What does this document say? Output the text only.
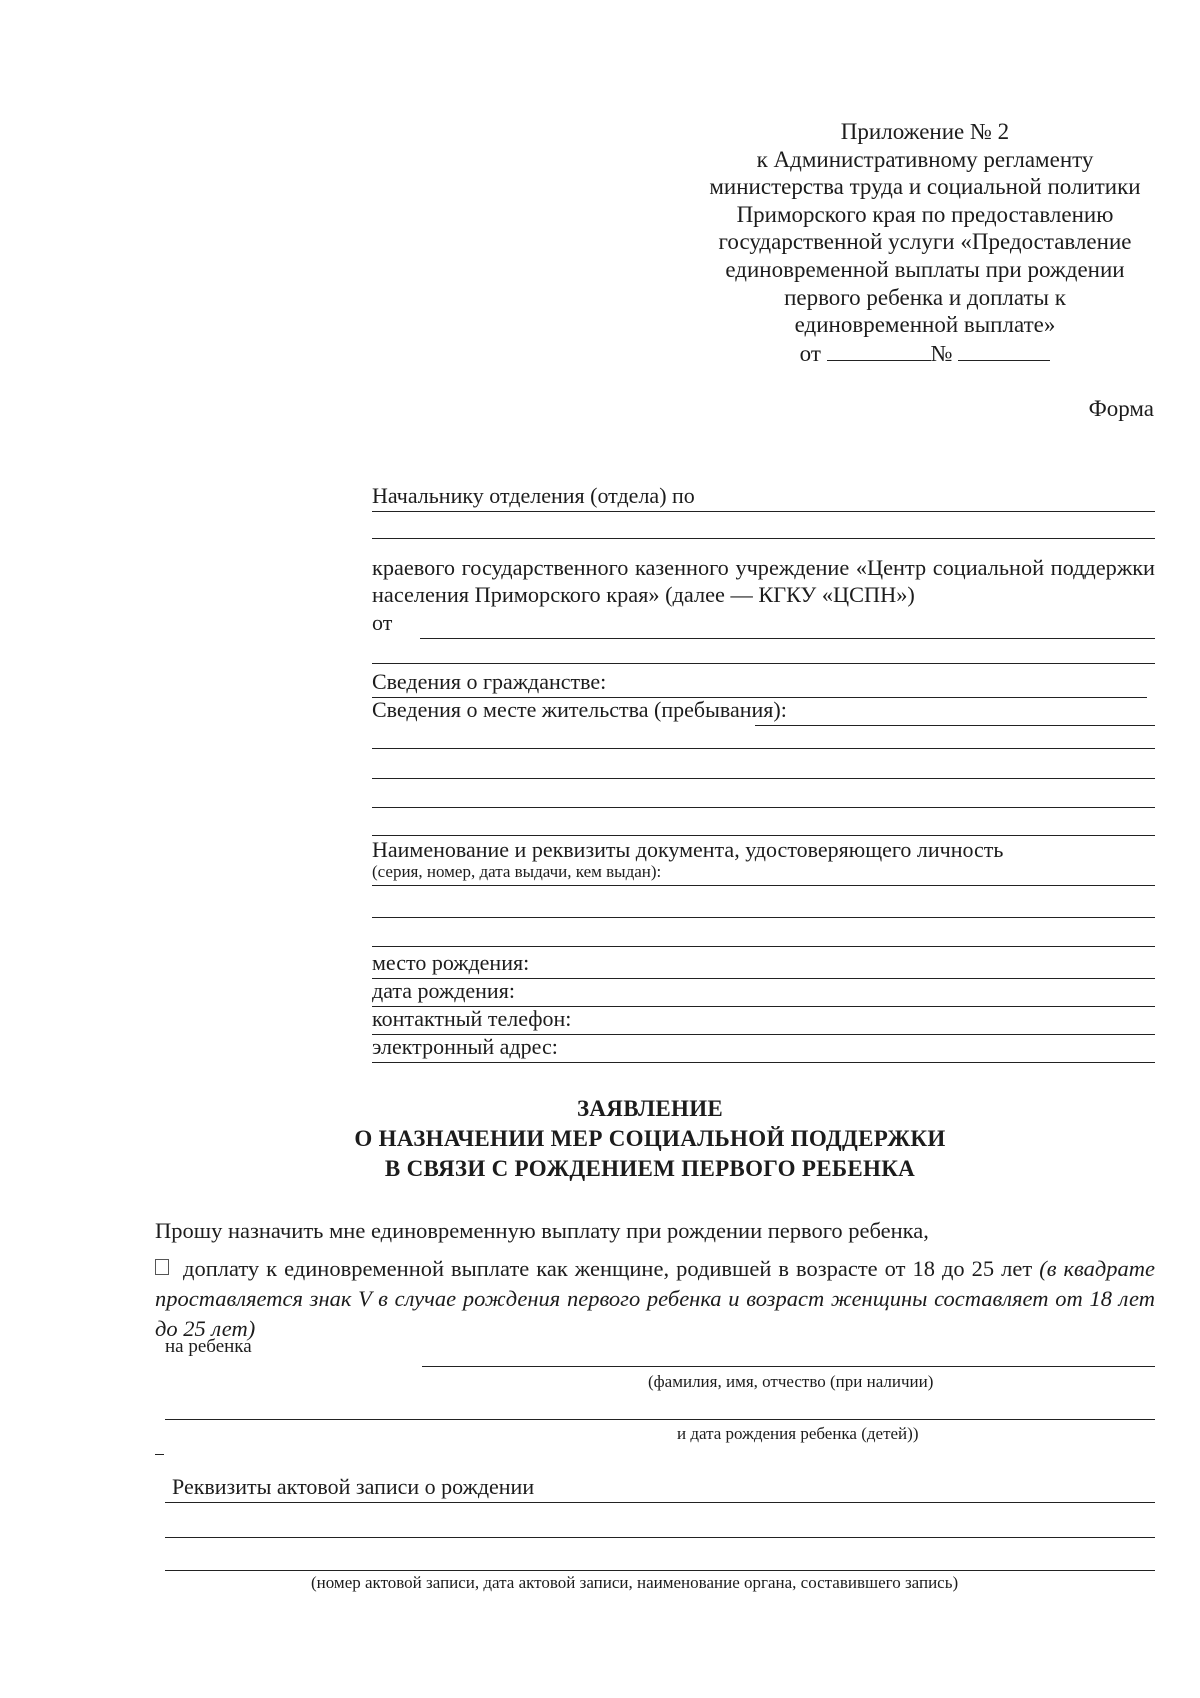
Приложение № 2
к Административному регламенту
министерства труда и социальной политики
Приморского края по предоставлению
государственной услуги «Предоставление
единовременной выплаты при рождении
первого ребенка и доплаты к
единовременной выплате»
от	№
Форма
Начальнику отделения (отдела) по
краевого государственного казенного учреждение «Центр социальной поддержки населения Приморского края» (далее — КГКУ «ЦСПН»)
от
Сведения о гражданстве:
Сведения о месте жительства (пребывания):
Наименование и реквизиты документа, удостоверяющего личность
(серия, номер, дата выдачи, кем выдан):
место рождения:
дата рождения:
контактный телефон:
электронный адрес:
ЗАЯВЛЕНИЕ
О НАЗНАЧЕНИИ МЕР СОЦИАЛЬНОЙ ПОДДЕРЖКИ
В СВЯЗИ С РОЖДЕНИЕМ ПЕРВОГО РЕБЕНКА
Прошу назначить мне единовременную выплату при рождении первого ребенка,
доплату к единовременной выплате как женщине, родившей в возрасте от 18 до 25 лет (в квадрате проставляется знак V в случае рождения первого ребенка и возраст женщины составляет от 18 лет до 25 лет)
на ребенка
(фамилия, имя, отчество (при наличии)
и дата рождения ребенка (детей))
Реквизиты актовой записи о рождении
(номер актовой записи, дата актовой записи, наименование органа, составившего запись)
